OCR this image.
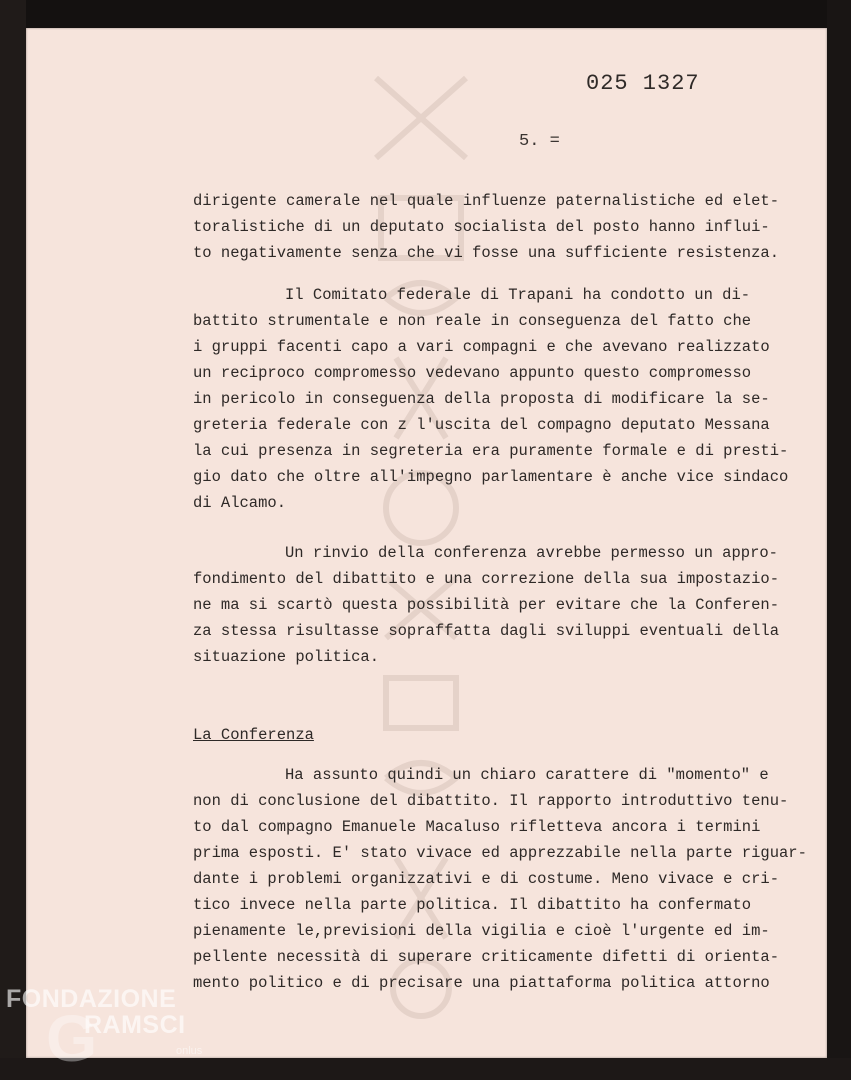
025 1327
5. =
dirigente camerale nel quale influenze paternalistiche ed elet-
toralistiche di un deputato socialista del posto hanno influi-
to negativamente senza che vi fosse una sufficiente resistenza.
Il Comitato federale di Trapani ha condotto un di-
battito strumentale e non reale in conseguenza del fatto che
i gruppi facenti capo a vari compagni e che avevano realizzato
un reciproco compromesso vedevano appunto questo compromesso
in pericolo in conseguenza della proposta di modificare la se-
greteria federale con z l'uscita del compagno deputato Messana
la cui presenza in segreteria era puramente formale e di presti-
gio dato che oltre all'impegno parlamentare è anche vice sindaco
di Alcamo.
Un rinvio della conferenza avrebbe permesso un appro-
fondimento del dibattito e una correzione della sua impostazio-
ne ma si scartò questa possibilità per evitare che la Conferen-
za stessa risultasse sopraffatta dagli sviluppi eventuali della
situazione politica.
La Conferenza
Ha assunto quindi un chiaro carattere di "momento" e
non di conclusione del dibattito. Il rapporto introduttivo tenu-
to dal compagno Emanuele Macaluso rifletteva ancora i termini
prima esposti. E' stato vivace ed apprezzabile nella parte riguar-
dante i problemi organizzativi e di costume. Meno vivace e cri-
tico invece nella parte politica. Il dibattito ha confermato
pienamente le,previsioni della vigilia e cioè l'urgente ed im-
pellente necessità di superare criticamente difetti di orienta-
mento politico e di precisare una piattaforma politica attorno
FONDAZIONE
G
RAMSCI
onlus
